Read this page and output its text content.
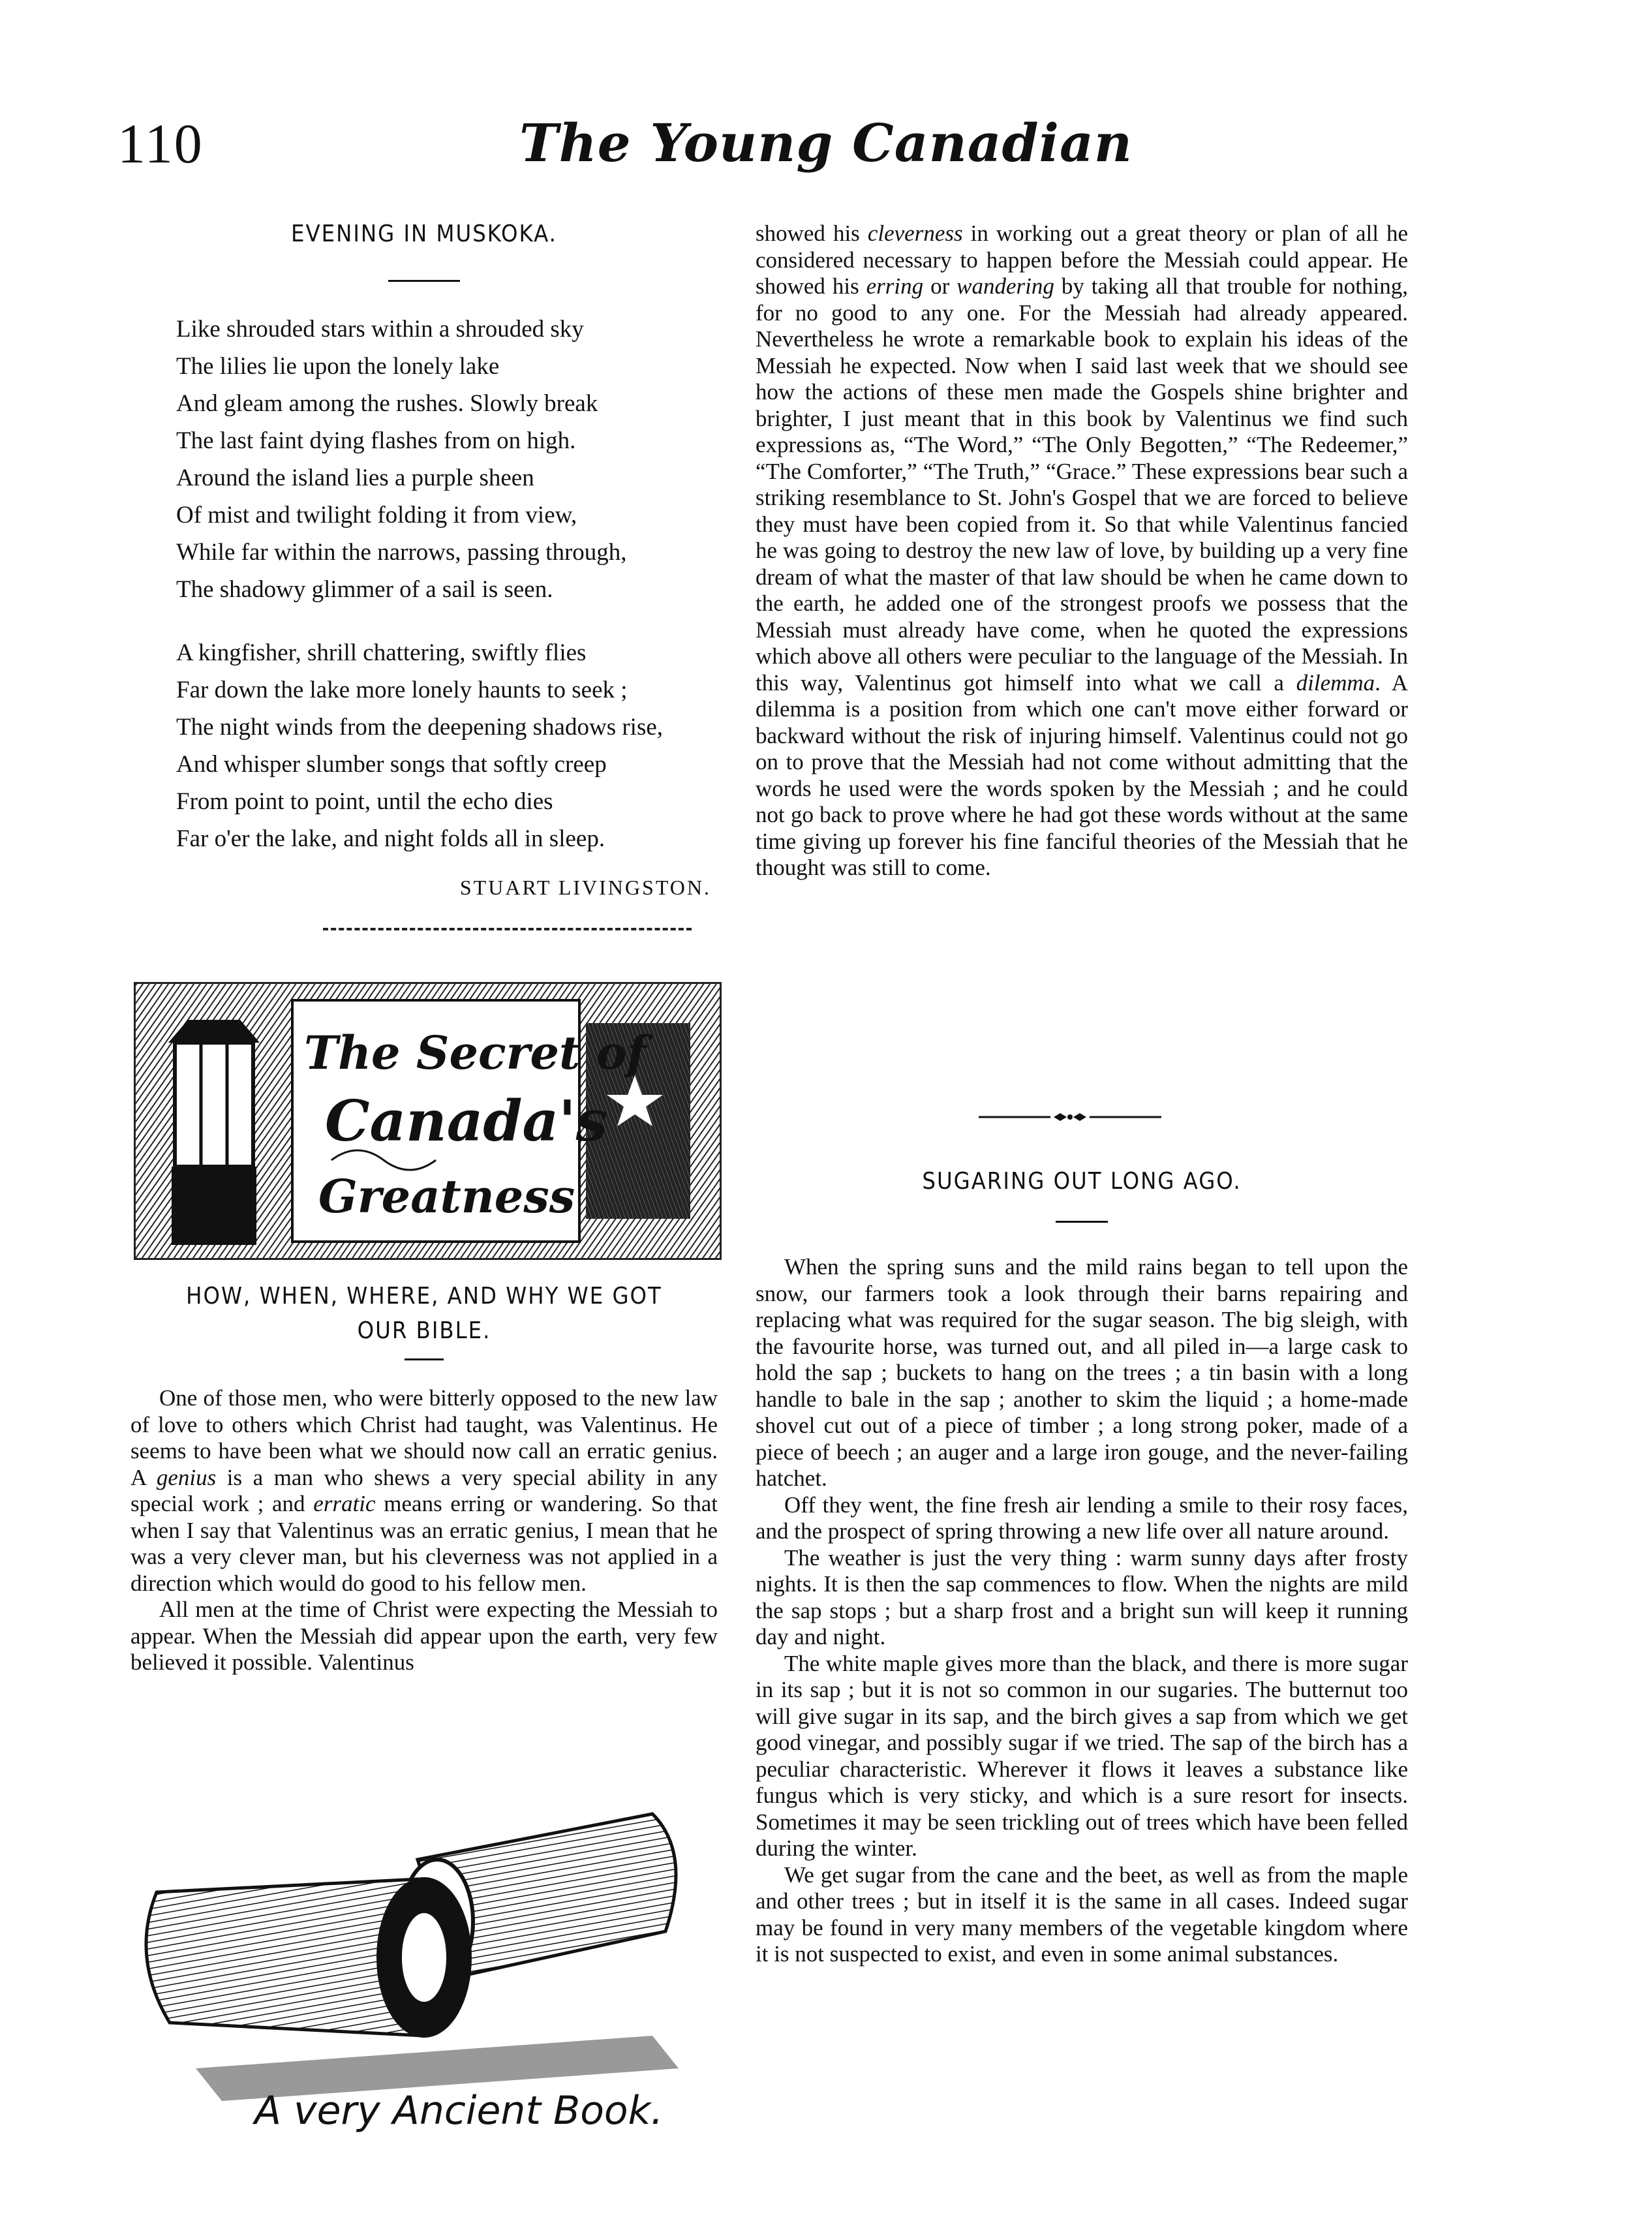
110	The Young Canadian
EVENING IN MUSKOKA.

Like shrouded stars within a shrouded sky

The lilies lie upon the lonely lake

And gleam among the rushes. Slowly break

The last faint dying flashes from on high.

Around the island lies a purple sheen

Of mist and twilight folding it from view,

While far within the narrows, passing through,

The shadowy glimmer of a sail is seen.

A kingfisher, shrill chattering, swiftly flies

Far down the lake more lonely haunts to seek ;

The night winds from the deepening shadows rise,

And whisper slumber songs that softly creep

From point to point, until the echo dies

Far o'er the lake, and night folds all in sleep.

STUART LIVINGSTON.
The Secret of
Canada's
Greatness
HOW, WHEN, WHERE, AND WHY WE GOT
OUR BIBLE.

One of those men, who were bitterly opposed to the new law of love to others which Christ had taught, was Valentinus. He seems to have been what we should now call an erratic genius. A genius is a man who shews a very special ability in any special work ; and erratic means erring or wandering. So that when I say that Valentinus was an erratic genius, I mean that he was a very clever man, but his cleverness was not applied in a direction which would do good to his fellow men.

All men at the time of Christ were expecting the Messiah to appear. When the Messiah did appear upon the earth, very few believed it possible. Valentinus

A very Ancient Book.

showed his cleverness in working out a great theory or plan of all he considered necessary to happen before the Messiah could appear. He showed his erring or wandering by taking all that trouble for nothing, for no good to any one. For the Messiah had already appeared. Nevertheless he wrote a remarkable book to explain his ideas of the Messiah he expected. Now when I said last week that we should see how the actions of these men made the Gospels shine brighter and brighter, I just meant that in this book by Valentinus we find such expressions as, “The Word,” “The Only Begotten,” “The Redeemer,” “The Comforter,” “The Truth,” “Grace.” These expressions bear such a striking resemblance to St. John's Gospel that we are forced to believe they must have been copied from it. So that while Valentinus fancied he was going to destroy the new law of love, by building up a very fine dream of what the master of that law should be when he came down to the earth, he added one of the strongest proofs we possess that the Messiah must already have come, when he quoted the expressions which above all others were peculiar to the language of the Messiah. In this way, Valentinus got himself into what we call a dilemma. A dilemma is a position from which one can't move either forward or backward without the risk of injuring himself. Valentinus could not go on to prove that the Messiah had not come without admitting that the words he used were the words spoken by the Messiah ; and he could not go back to prove where he had got these words without at the same time giving up forever his fine fanciful theories of the Messiah that he thought was still to come.

SUGARING OUT LONG AGO.

When the spring suns and the mild rains began to tell upon the snow, our farmers took a look through their barns repairing and replacing what was required for the sugar season. The big sleigh, with the favourite horse, was turned out, and all piled in—a large cask to hold the sap ; buckets to hang on the trees ; a tin basin with a long handle to bale in the sap ; another to skim the liquid ; a home-made shovel cut out of a piece of timber ; a long strong poker, made of a piece of beech ; an auger and a large iron gouge, and the never-failing hatchet.

Off they went, the fine fresh air lending a smile to their rosy faces, and the prospect of spring throwing a new life over all nature around.

The weather is just the very thing : warm sunny days after frosty nights. It is then the sap commences to flow. When the nights are mild the sap stops ; but a sharp frost and a bright sun will keep it running day and night.

The white maple gives more than the black, and there is more sugar in its sap ; but it is not so common in our sugaries. The butternut too will give sugar in its sap, and the birch gives a sap from which we get good vinegar, and possibly sugar if we tried. The sap of the birch has a peculiar characteristic. Wherever it flows it leaves a substance like fungus which is very sticky, and which is a sure resort for insects. Sometimes it may be seen trickling out of trees which have been felled during the winter.

We get sugar from the cane and the beet, as well as from the maple and other trees ; but in itself it is the same in all cases. Indeed sugar may be found in very many members of the vegetable kingdom where it is not suspected to exist, and even in some animal substances.
